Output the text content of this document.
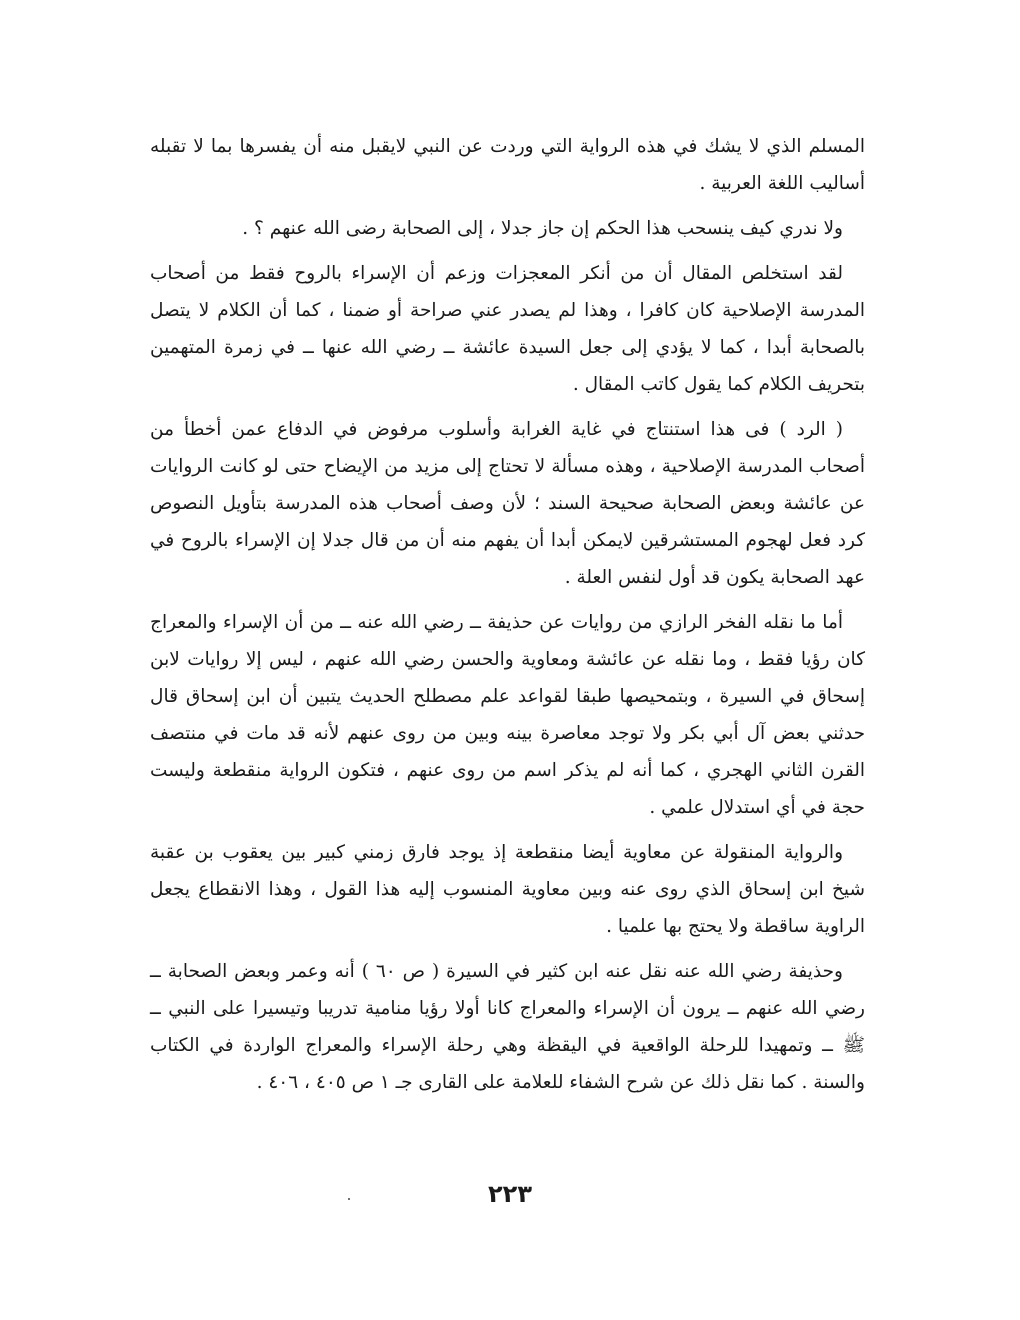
المسلم الذي لا يشك في هذه الرواية التي وردت عن النبي لايقبل منه أن يفسرها بما لا تقبله أساليب اللغة العربية .

ولا ندري كيف ينسحب هذا الحكم إن جاز جدلا ، إلى الصحابة رضى الله عنهم ؟ .

لقد استخلص المقال أن من أنكر المعجزات وزعم أن الإسراء بالروح فقط من أصحاب المدرسة الإصلاحية كان كافرا ، وهذا لم يصدر عني صراحة أو ضمنا ، كما أن الكلام لا يتصل بالصحابة أبدا ، كما لا يؤدي إلى جعل السيدة عائشة ــ رضي الله عنها ــ في زمرة المتهمين بتحريف الكلام كما يقول كاتب المقال .

( الرد ) فى هذا استنتاج في غاية الغرابة وأسلوب مرفوض في الدفاع عمن أخطأ من أصحاب المدرسة الإصلاحية ، وهذه مسألة لا تحتاج إلى مزيد من الإيضاح حتى لو كانت الروايات عن عائشة وبعض الصحابة صحيحة السند ؛ لأن وصف أصحاب هذه المدرسة بتأويل النصوص كرد فعل لهجوم المستشرقين لايمكن أبدا أن يفهم منه أن من قال جدلا إن الإسراء بالروح في عهد الصحابة يكون قد أول لنفس العلة .

أما ما نقله الفخر الرازي من روايات عن حذيفة ــ رضي الله عنه ــ من أن الإسراء والمعراج كان رؤيا فقط ، وما نقله عن عائشة ومعاوية والحسن رضي الله عنهم ، ليس إلا روايات لابن إسحاق في السيرة ، وبتمحيصها طبقا لقواعد علم مصطلح الحديث يتبين أن ابن إسحاق قال حدثني بعض آل أبي بكر ولا توجد معاصرة بينه وبين من روى عنهم لأنه قد مات في منتصف القرن الثاني الهجري ، كما أنه لم يذكر اسم من روى عنهم ، فتكون الرواية منقطعة وليست حجة في أي استدلال علمي .

والرواية المنقولة عن معاوية أيضا منقطعة إذ يوجد فارق زمني كبير بين يعقوب بن عقبة شيخ ابن إسحاق الذي روى عنه وبين معاوية المنسوب إليه هذا القول ، وهذا الانقطاع يجعل الراوية ساقطة ولا يحتج بها علميا .

وحذيفة رضي الله عنه نقل عنه ابن كثير في السيرة ( ص ٦٠ ) أنه وعمر وبعض الصحابة ــ رضي الله عنهم ــ يرون أن الإسراء والمعراج كانا أولا رؤيا منامية تدريبا وتيسيرا على النبي ــ ﷺ ــ وتمهيدا للرحلة الواقعية في اليقظة وهي رحلة الإسراء والمعراج الواردة في الكتاب والسنة . كما نقل ذلك عن شرح الشفاء للعلامة على القارى جـ ١ ص ٤٠٥ ، ٤٠٦ .

٢٢٣
